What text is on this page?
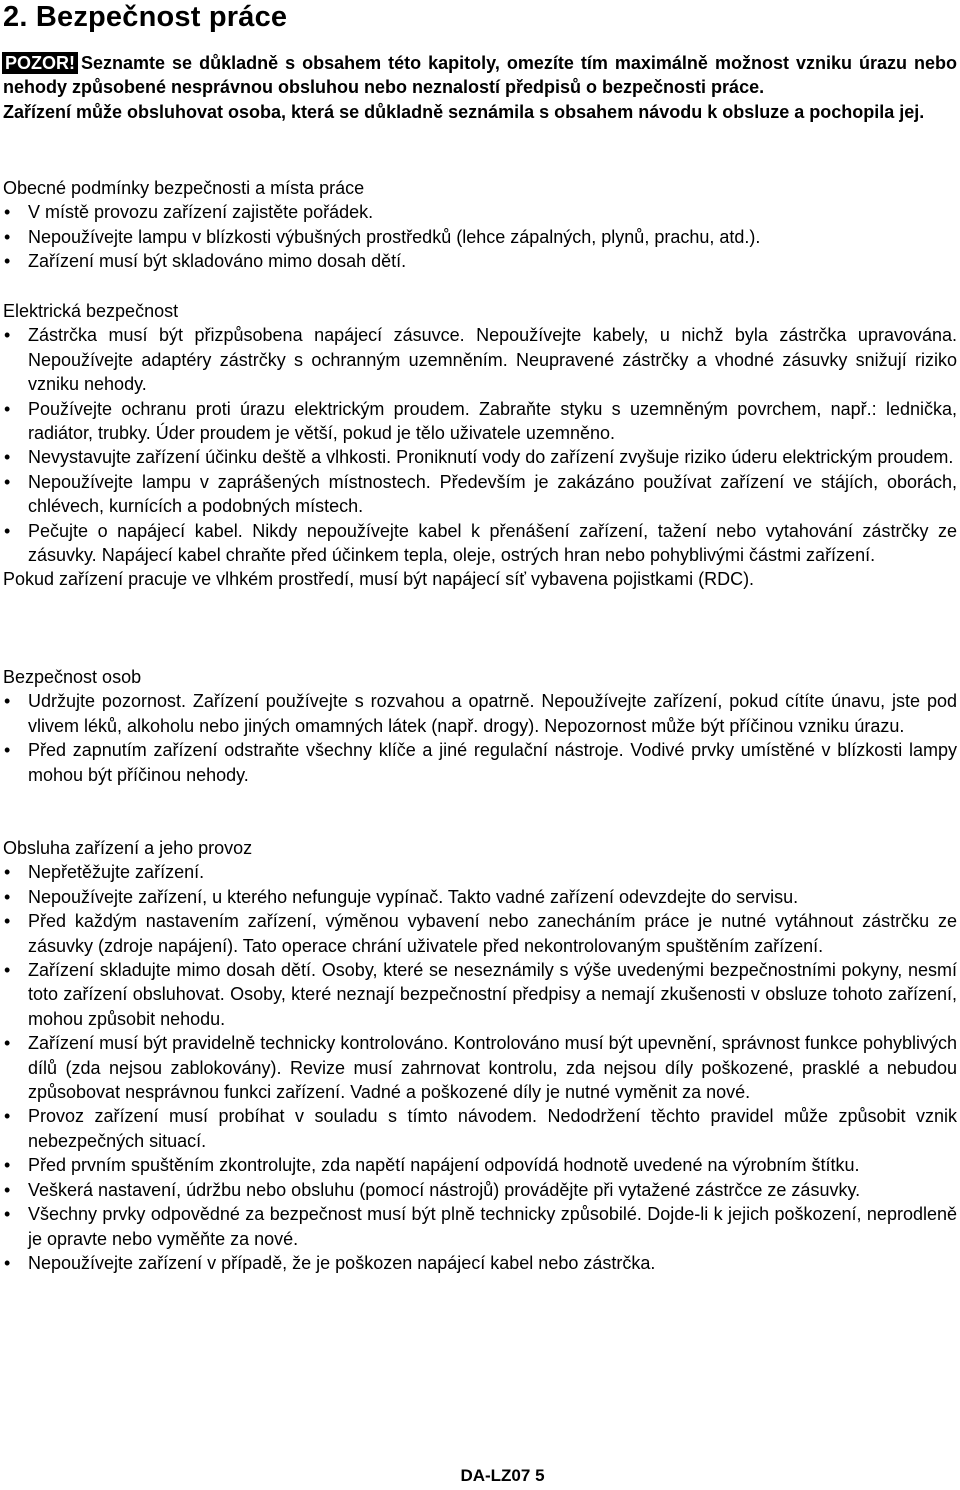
2. Bezpečnost práce
POZOR! Seznamte se důkladně s obsahem této kapitoly, omezíte tím maximálně možnost vzniku úrazu nebo nehody způsobené nesprávnou obsluhou nebo neznalostí předpisů o bezpečnosti práce.
Zařízení může obsluhovat osoba, která se důkladně seznámila s obsahem návodu k obsluze a pochopila jej.
Obecné podmínky bezpečnosti a místa práce
• V místě provozu zařízení zajistěte pořádek.
• Nepoužívejte lampu v blízkosti výbušných prostředků (lehce zápalných, plynů, prachu, atd.).
• Zařízení musí být skladováno mimo dosah dětí.
Elektrická bezpečnost
• Zástrčka musí být přizpůsobena napájecí zásuvce. Nepoužívejte kabely, u nichž byla zástrčka upravována. Nepoužívejte adaptéry zástrčky s ochranným uzemněním. Neupravené zástrčky a vhodné zásuvky snižují riziko vzniku nehody.
• Používejte ochranu proti úrazu elektrickým proudem. Zabraňte styku s uzemněným povrchem, např.: lednička, radiátor, trubky. Úder proudem je větší, pokud je tělo uživatele uzemněno.
• Nevystavujte zařízení účinku deště a vlhkosti. Proniknutí vody do zařízení zvyšuje riziko úderu elektrickým proudem.
• Nepoužívejte lampu v zaprášených místnostech. Především je zakázáno používat zařízení ve stájích, oborách, chlévech, kurnících a podobných místech.
• Pečujte o napájecí kabel. Nikdy nepoužívejte kabel k přenášení zařízení, tažení nebo vytahování zástrčky ze zásuvky. Napájecí kabel chraňte před účinkem tepla, oleje, ostrých hran nebo pohyblivými částmi zařízení.
Pokud zařízení pracuje ve vlhkém prostředí, musí být napájecí síť vybavena pojistkami (RDC).
Bezpečnost osob
• Udržujte pozornost. Zařízení používejte s rozvahou a opatrně. Nepoužívejte zařízení, pokud cítíte únavu, jste pod vlivem léků, alkoholu nebo jiných omamných látek (např. drogy). Nepozornost může být příčinou vzniku úrazu.
• Před zapnutím zařízení odstraňte všechny klíče a jiné regulační nástroje. Vodivé prvky umístěné v blízkosti lampy mohou být příčinou nehody.
Obsluha zařízení a jeho provoz
• Nepřetěžujte zařízení.
• Nepoužívejte zařízení, u kterého nefunguje vypínač. Takto vadné zařízení odevzdejte do servisu.
• Před každým nastavením zařízení, výměnou vybavení nebo zanecháním práce je nutné vytáhnout zástrčku ze zásuvky (zdroje napájení). Tato operace chrání uživatele před nekontrolovaným spuštěním zařízení.
• Zařízení skladujte mimo dosah dětí. Osoby, které se neseznámily s výše uvedenými bezpečnostními pokyny, nesmí toto zařízení obsluhovat. Osoby, které neznají bezpečnostní předpisy a nemají zkušenosti v obsluze tohoto zařízení, mohou způsobit nehodu.
• Zařízení musí být pravidelně technicky kontrolováno. Kontrolováno musí být upevnění, správnost funkce pohyblivých dílů (zda nejsou zablokovány). Revize musí zahrnovat kontrolu, zda nejsou díly poškozené, prasklé a nebudou způsobovat nesprávnou funkci zařízení. Vadné a poškozené díly je nutné vyměnit za nové.
• Provoz zařízení musí probíhat v souladu s tímto návodem. Nedodržení těchto pravidel může způsobit vznik nebezpečných situací.
• Před prvním spuštěním zkontrolujte, zda napětí napájení odpovídá hodnotě uvedené na výrobním štítku.
• Veškerá nastavení, údržbu nebo obsluhu (pomocí nástrojů) provádějte při vytažené zástrčce ze zásuvky.
• Všechny prvky odpovědné za bezpečnost musí být plně technicky způsobilé. Dojde-li k jejich poškození, neprodleně je opravte nebo vyměňte za nové.
• Nepoužívejte zařízení v případě, že je poškozen napájecí kabel nebo zástrčka.
DA-LZ07 5
